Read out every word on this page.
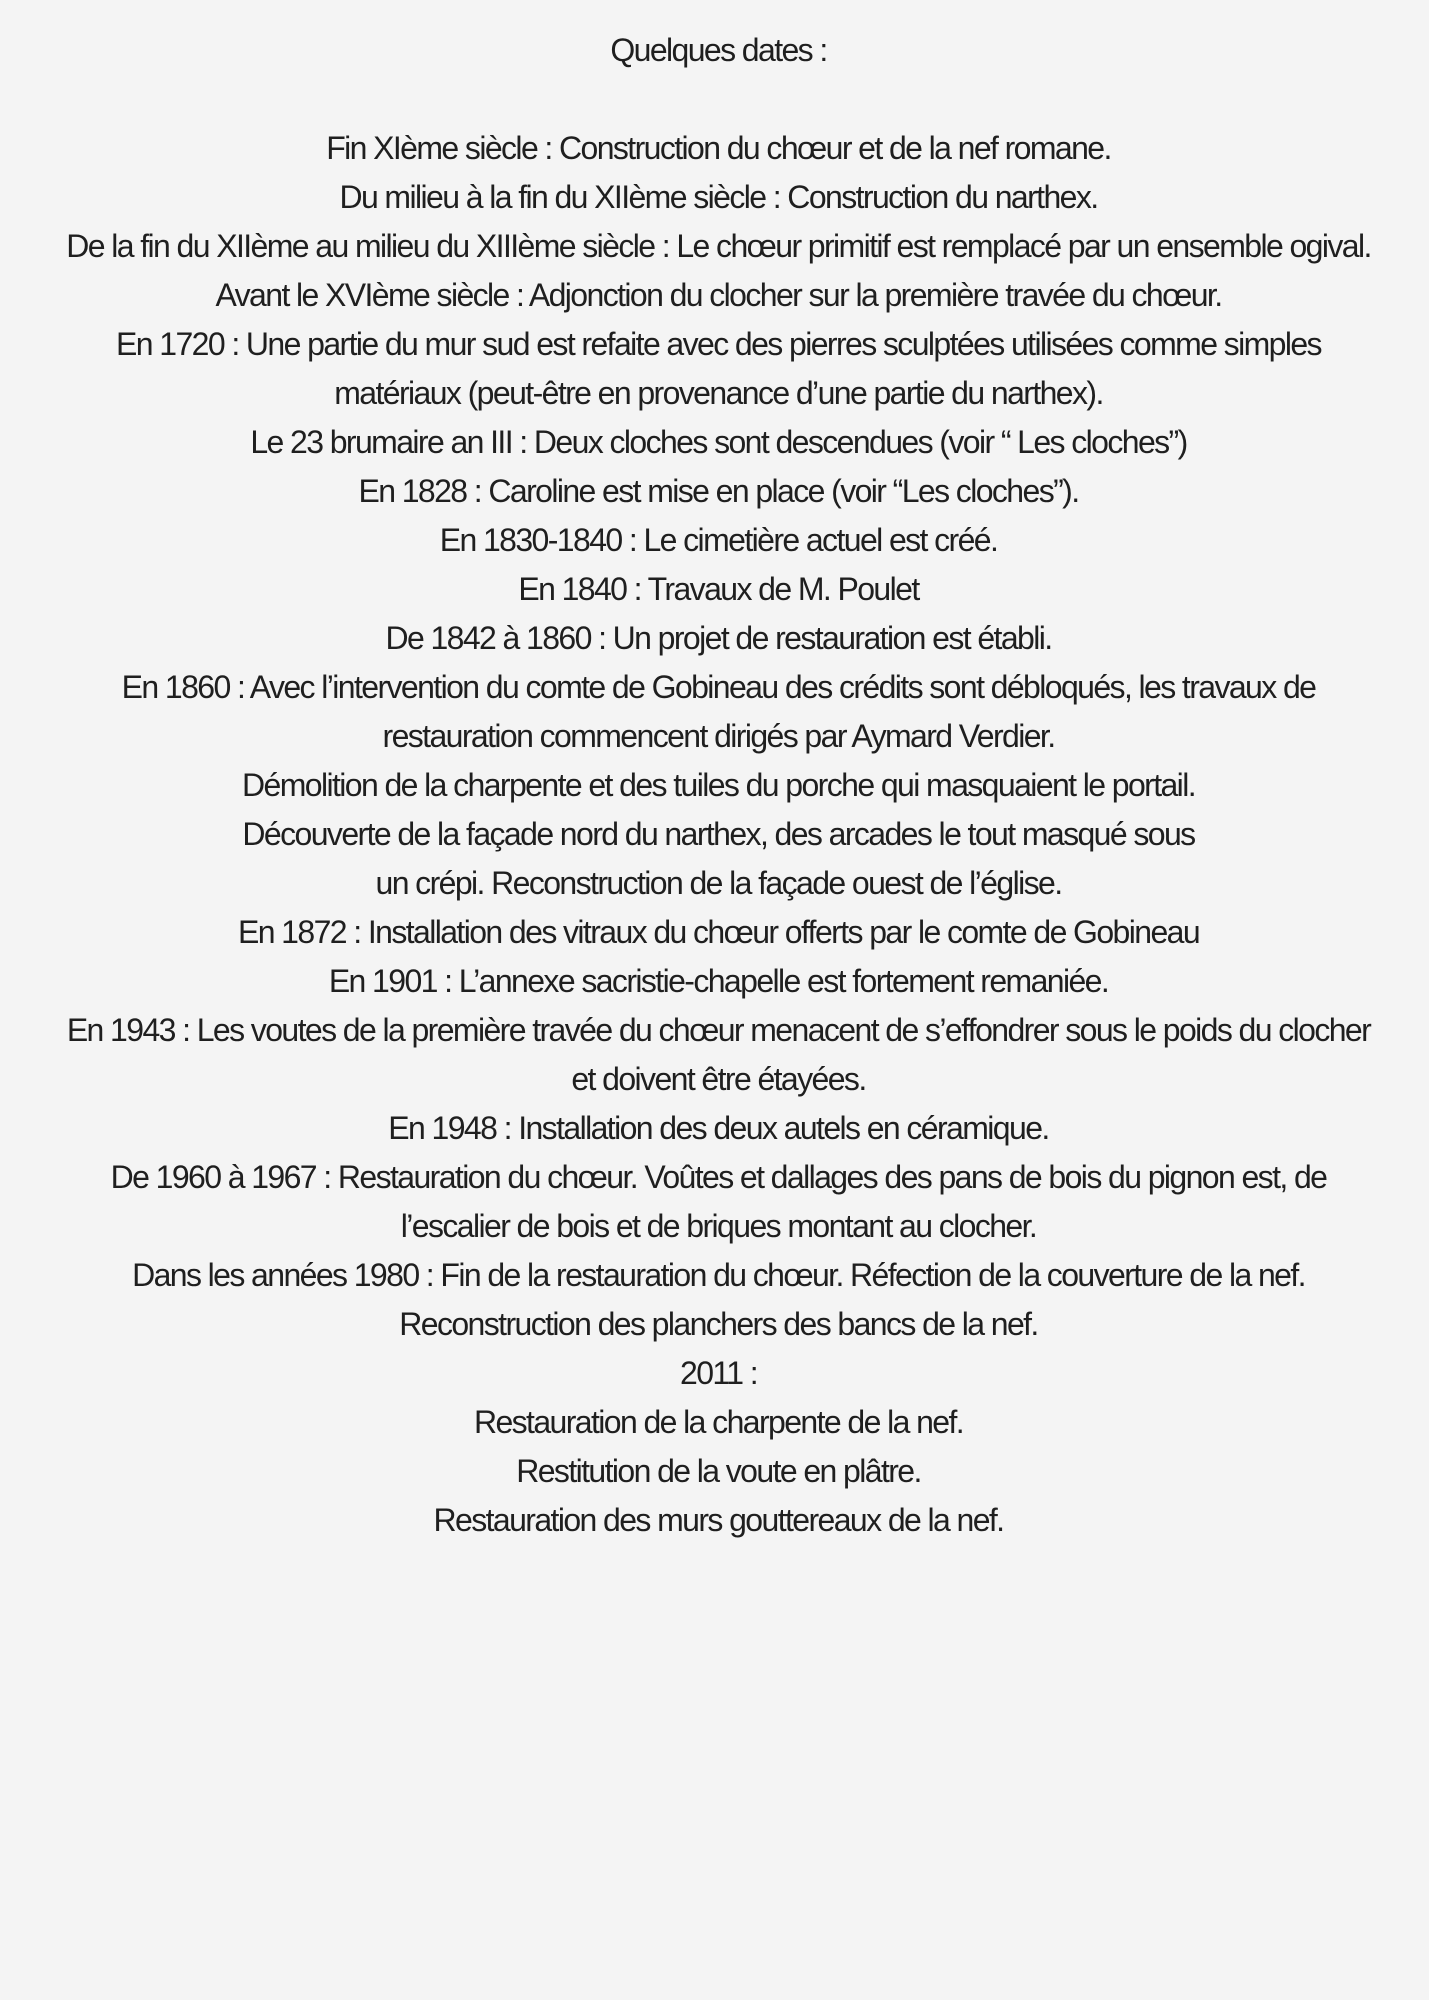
Quelques dates :

Fin XIème siècle : Construction du chœur et de la nef romane.

Du milieu à la fin du XIIème siècle : Construction du narthex.

De la fin du XIIème au milieu du XIIIème siècle : Le chœur primitif est remplacé par un ensemble ogival.

Avant le XVIème siècle : Adjonction du clocher sur la première travée du chœur.

En 1720 : Une partie du mur sud est refaite avec des pierres sculptées utilisées comme simples matériaux (peut-être en provenance d’une partie du narthex).

Le 23 brumaire an III : Deux cloches sont descendues (voir “ Les cloches”)

En 1828 : Caroline est mise en place (voir “Les cloches”).

En 1830-1840 : Le cimetière actuel est créé.

En 1840 : Travaux de M. Poulet

De 1842 à 1860 : Un projet de restauration est établi.

En 1860 : Avec l’intervention du comte de Gobineau des crédits sont débloqués, les travaux de restauration commencent dirigés par Aymard Verdier.

Démolition de la charpente et des tuiles du porche qui masquaient le portail.

Découverte de la façade nord du narthex, des arcades le tout masqué sous

un crépi. Reconstruction de la façade ouest de l’église.

En 1872 : Installation des vitraux du chœur offerts par le comte de Gobineau

En 1901 : L’annexe sacristie-chapelle est fortement remaniée.

En 1943 : Les voutes de la première travée du chœur menacent de s’effondrer sous le poids du clocher et doivent être étayées.

En 1948 : Installation des deux autels en céramique.

De 1960 à 1967 : Restauration du chœur. Voûtes et dallages des pans de bois du pignon est, de l’escalier de bois et de briques montant au clocher.

Dans les années 1980 : Fin de la restauration du chœur. Réfection de la couverture de la nef.

Reconstruction des planchers des bancs de la nef.

2011 :

Restauration de la charpente de la nef.

Restitution de la voute en plâtre.

Restauration des murs gouttereaux de la nef.
